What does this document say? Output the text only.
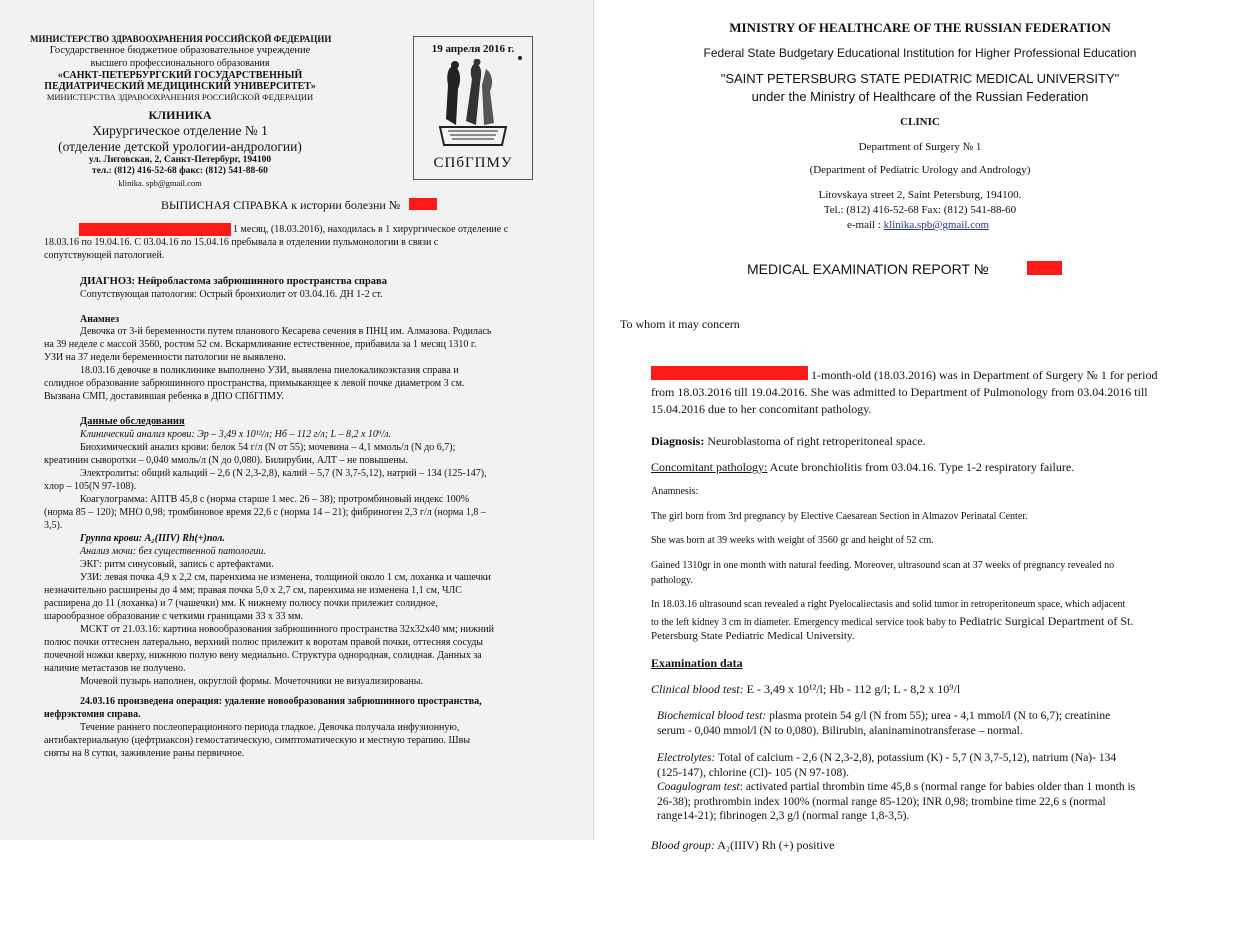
МИНИСТЕРСТВО ЗДРАВООХРАНЕНИЯ РОССИЙСКОЙ ФЕДЕРАЦИИ
Государственное бюджетное образовательное учреждение
высшего профессионального образования
«САНКТ-ПЕТЕРБУРГСКИЙ ГОСУДАРСТВЕННЫЙ
ПЕДИАТРИЧЕСКИЙ МЕДИЦИНСКИЙ УНИВЕРСИТЕТ»
МИНИСТЕРСТВА ЗДРАВООХРАНЕНИЯ РОССИЙСКОЙ ФЕДЕРАЦИИ
КЛИНИКА
Хирургическое отделение № 1
(отделение детской урологии-андрологии)
ул. Литовская, 2, Санкт-Петербург, 194100
тел.: (812) 416-52-68 факс: (812) 541-88-60
klinika. spb@gmail.com
19 апреля 2016 г.
СПбГПМУ
ВЫПИСНАЯ СПРАВКА к истории болезни №
1 месяц, (18.03.2016), находилась в 1 хирургическое отделение с
18.03.16 по 19.04.16. С 03.04.16 по 15.04.16 пребывала в отделении пульмонологии в связи с
сопутствующей патологией.
ДИАГНОЗ: Нейробластома забрюшинного пространства справа
Сопутствующая патология: Острый бронхиолит от 03.04.16. ДН 1-2 ст.
Анамнез
Девочка от 3-й беременности путем планового Кесарева сечения в ПНЦ им. Алмазова. Родилась
на 39 неделе с массой 3560, ростом 52 см. Вскармливание естественное, прибавила за 1 месяц 1310 г.
УЗИ на 37 недели беременности патологии не выявлено.
18.03.16 девочке в поликлинике выполнено УЗИ, выявлена пиелокаликоэктазия справа и
солидное образование забрюшинного пространства, примыкающее к левой почке диаметром 3 см.
Вызвана СМП, доставившая ребенка в ДПО СПбГПМУ.
Данные обследования
Клинический анализ крови: Эр – 3,49 х 10¹²/л; Нб – 112 г/л; L – 8,2 х 10⁹/л.
Биохимический анализ крови: белок 54 г/л (N от 55); мочевина – 4,1 ммоль/л (N до 6,7);
креатинин сыворотки – 0,040 ммоль/л (N до 0,080). Билирубин, АЛТ – не повышены.
Электролиты: общий кальций – 2,6 (N 2,3-2,8), калий – 5,7 (N 3,7-5,12), натрий – 134 (125-147),
хлор – 105(N 97-108).
Коагулограмма: АПТВ 45,8 с (норма старше 1 мес. 26 – 38); протромбиновый индекс 100%
(норма 85 – 120); МНО 0,98; тромбиновое время 22,6 с (норма 14 – 21); фибриноген 2,3 г/л (норма 1,8 –
3,5).
Группа крови: A₂(IIIV) Rh(+)пол.
Анализ мочи: без существенной патологии.
ЭКГ: ритм синусовый, запись с артефактами.
УЗИ: левая почка 4,9 х 2,2 см, паренхима не изменена, толщиной около 1 см, лоханка и чашечки
незначительно расширены до 4 мм; правая почка 5,0 х 2,7 см, паренхима не изменена 1,1 см, ЧЛС
расширена до 11 (лоханка) и 7 (чашечки) мм. К нижнему полюсу почки прилежит солидное,
шарообразное образование с четкими границами 33 х 33 мм.
МСКТ от 21.03.16: картина новообразования забрюшинного пространства 32х32х40 мм; нижний
полюс почки оттеснен латерально, верхний полюс прилежит к воротам правой почки, оттесняя сосуды
почечной ножки кверху, нижнюю полую вену медиально. Структура однородная, солидная. Данных за
наличие метастазов не получено.
Мочевой пузырь наполнен, округлой формы. Мочеточники не визуализированы.
24.03.16 произведена операция: удаление новообразования забрюшинного пространства,
нефрэктомия справа.
Течение раннего послеоперационного периода гладкое. Девочка получала инфузионную,
антибактериальную (цефтриаксон) гемостатическую, симптоматическую и местную терапию. Швы
сняты на 8 сутки, заживление раны первичное.
MINISTRY OF HEALTHCARE OF THE RUSSIAN FEDERATION
Federal State Budgetary Educational Institution for Higher Professional Education
"SAINT PETERSBURG STATE PEDIATRIC MEDICAL UNIVERSITY"
under the Ministry of Healthcare of the Russian Federation
CLINIC
Department of Surgery № 1
(Department of Pediatric Urology and Andrology)
Litovskaya street 2, Saint Petersburg, 194100.
Tel.: (812) 416-52-68 Fax: (812) 541-88-60
e-mail : klinika.spb@gmail.com
MEDICAL EXAMINATION REPORT №
To whom it may concern
1-month-old (18.03.2016) was in Department of Surgery № 1 for period
from 18.03.2016 till 19.04.2016. She was admitted to Department of Pulmonology from 03.04.2016 till
15.04.2016 due to her concomitant pathology.
Diagnosis: Neuroblastoma of right retroperitoneal space.
Concomitant pathology: Acute bronchiolitis from 03.04.16. Type 1-2 respiratory failure.
Anamnesis:
The girl born from 3rd pregnancy by Elective Caesarean Section in Almazov Perinatal Center.
She was born at 39 weeks with weight of 3560 gr and height of 52 cm.
Gained 1310gr in one month with natural feeding. Moreover, ultrasound scan at 37 weeks of pregnancy revealed no
pathology.
In 18.03.16 ultrasound scan revealed a right Pyelocaliectasis and solid tumor in retroperitoneum space, which adjacent
to the left kidney 3 cm in diameter. Emergency medical service took baby to Pediatric Surgical Department of St.
Petersburg State Pediatric Medical University.
Examination data
Clinical blood test: E - 3,49 x 10¹²/l; Hb - 112 g/l; L - 8,2 x 10⁹/l
Biochemical blood test: plasma protein 54 g/l (N from 55); urea - 4,1 mmol/l (N to 6,7); creatinine
serum - 0,040 mmol/l (N to 0,080). Bilirubin, alaninaminotransferase – normal.
Electrolytes: Total of calcium - 2,6 (N 2,3-2,8), potassium (K) - 5,7 (N 3,7-5,12), natrium (Na)- 134
(125-147), chlorine (Cl)- 105 (N 97-108).
Coagulogram test: activated partial thrombin time 45,8 s (normal range for babies older than 1 month is
26-38); prothrombin index 100% (normal range 85-120); INR 0,98; trombine time 22,6 s (normal
range14-21); fibrinogen 2,3 g/l (normal range 1,8-3,5).
Blood group: A₂(IIIV) Rh (+) positive
